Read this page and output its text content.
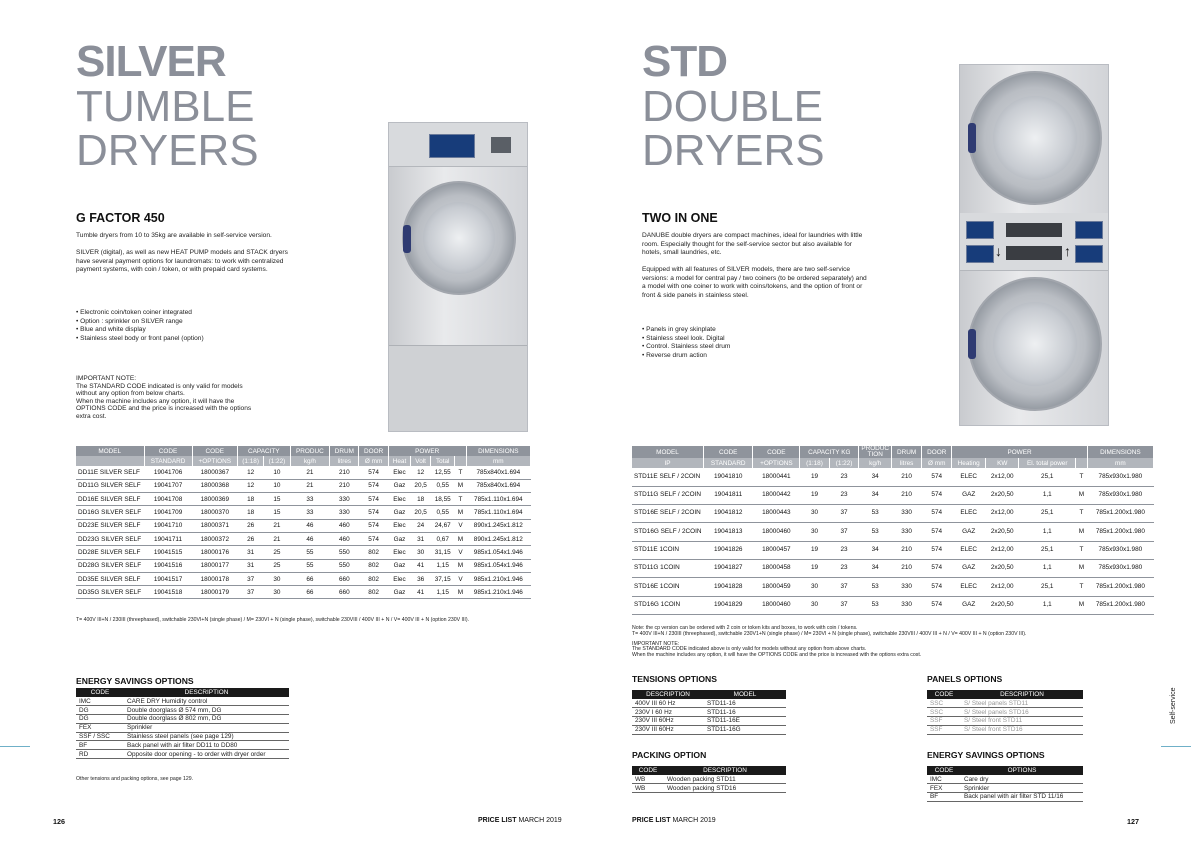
SILVER
TUMBLE
DRYERS
G FACTOR 450

Tumble dryers from 10 to 35kg are available in self-service version.

SILVER (digital), as well as new HEAT PUMP models and STACK dryers have several payment options for laundromats: to work with centralized payment systems, with coin / token, or with prepaid card systems.

• Electronic coin/token coiner integrated
• Option : sprinkler on SILVER range
• Blue and white display
• Stainless steel body or front panel (option)
IMPORTANT NOTE:
The STANDARD CODE indicated is only valid for models without any option from below charts.
When the machine includes any option, it will have the OPTIONS CODE and the price is increased with the options extra cost.
MODEL	CODE	CODE	CAPACITY		PRODUC	DRUM	DOOR	POWER				DIMENSIONS
	STANDARD	+OPTIONS	(1:18)	(1:22)	kg/h	litres	Ø mm	Heat	Volt	Total		mm
DD11E SILVER SELF	19041706	18000367	12	10	21	210	574	Elec	12	12,55	T	785x840x1.694
DD11G SILVER SELF	19041707	18000368	12	10	21	210	574	Gaz	20,5	0,55	M	785x840x1.694
DD16E SILVER SELF	19041708	18000369	18	15	33	330	574	Elec	18	18,55	T	785x1.110x1.694
DD16G SILVER SELF	19041709	18000370	18	15	33	330	574	Gaz	20,5	0,55	M	785x1.110x1.694
DD23E SILVER SELF	19041710	18000371	26	21	46	460	574	Elec	24	24,67	V	890x1.245x1.812
DD23G SILVER SELF	19041711	18000372	26	21	46	460	574	Gaz	31	0,67	M	890x1.245x1.812
DD28E SILVER SELF	19041515	18000176	31	25	55	550	802	Elec	30	31,15	V	985x1.054x1.946
DD28G SILVER SELF	19041516	18000177	31	25	55	550	802	Gaz	41	1,15	M	985x1.054x1.946
DD35E SILVER SELF	19041517	18000178	37	30	66	660	802	Elec	36	37,15	V	985x1.210x1.946
DD35G SILVER SELF	19041518	18000179	37	30	66	660	802	Gaz	41	1,15	M	985x1.210x1.946
T= 400V III+N / 230III (threephased), switchable 230VI+N (single phase) / M= 230VI + N (single phase), switchable 230VIII / 400V III + N / V= 400V III + N (option 230V III).
ENERGY SAVINGS OPTIONS
CODE	DESCRIPTION
IMC	CARE DRY Humidity control
DG	Double doorglass Ø 574 mm, DG
DG	Double doorglass Ø 802 mm, DG
FEX	Sprinkler
SSF / SSC	Stainless steel panels (see page 129)
BF	Back panel with air filter DD11 to DD80
RD	Opposite door opening - to order with dryer order
Other tensions and packing options, see page 129.
126	PRICE LIST MARCH 2019
STD
DOUBLE
DRYERS
↓	↑
TWO IN ONE

DANUBE double dryers are compact machines, ideal for laundries with little room. Especially thought for the self-service sector but also available for hotels, small laundries, etc.

Equipped with all features of SILVER models, there are two self-service versions: a model for central pay / two coiners (to be ordered separately) and a model with one coiner to work with coins/tokens, and the option of front or front & side panels in stainless steel.

• Panels in grey skinplate
• Stainless steel look. Digital
• Control. Stainless steel drum
• Reverse drum action
MODEL	CODE	CODE	CAPACITY KG		PRODUC TION	DRUM	DOOR	POWER				DIMENSIONS
IP	STANDARD	+OPTIONS	(1:18)	(1:22)	kg/h	litres	Ø mm	Heating	KW	El. total power		mm
STD11E SELF / 2COIN	19041810	18000441	19	23	34	210	574	ELEC	2x12,00	25,1	T	785x930x1.980
STD11G SELF / 2COIN	19041811	18000442	19	23	34	210	574	GAZ	2x20,50	1,1	M	785x930x1.980
STD16E SELF / 2COIN	19041812	18000443	30	37	53	330	574	ELEC	2x12,00	25,1	T	785x1.200x1.980
STD16G SELF / 2COIN	19041813	18000460	30	37	53	330	574	GAZ	2x20,50	1,1	M	785x1.200x1.980
STD11E 1COIN	19041826	18000457	19	23	34	210	574	ELEC	2x12,00	25,1	T	785x930x1.980
STD11G 1COIN	19041827	18000458	19	23	34	210	574	GAZ	2x20,50	1,1	M	785x930x1.980
STD16E 1COIN	19041828	18000459	30	37	53	330	574	ELEC	2x12,00	25,1	T	785x1.200x1.980
STD16G 1COIN	19041829	18000460	30	37	53	330	574	GAZ	2x20,50	1,1	M	785x1.200x1.980
Note: the cp version can be ordered with 2 coin or token kits and boxes, to work with coin / tokens.
T= 400V III+N / 230III (threephased), switchable 230V1+N (single phase) / M= 230VI + N (single phase), switchable 230VIII / 400V III + N / V= 400V III + N (option 230V III).
IMPORTANT NOTE:
The STANDARD CODE indicated above is only valid for models without any option from above charts.
When the machine includes any option, it will have the OPTIONS CODE and the price is increased with the options extra cost.
TENSIONS OPTIONS
DESCRIPTION	MODEL
400V III 60 Hz	STD11-16
230V I 60 Hz	STD11-16
230V III 60Hz	STD11-16E
230V III 60Hz	STD11-16G
PACKING OPTION
CODE	DESCRIPTION
WB	Wooden packing STD11
WB	Wooden packing STD16
PANELS OPTIONS
CODE	DESCRIPTION
SSC	S/ Steel panels STD11
SSC	S/ Steel panels STD16
SSF	S/ Steel front STD11
SSF	S/ Steel front STD16
ENERGY SAVINGS OPTIONS
CODE	OPTIONS
IMC	Care dry
FEX	Sprinkler
BF	Back panel with air filter STD 11/16
Self-service
PRICE LIST MARCH 2019	127
